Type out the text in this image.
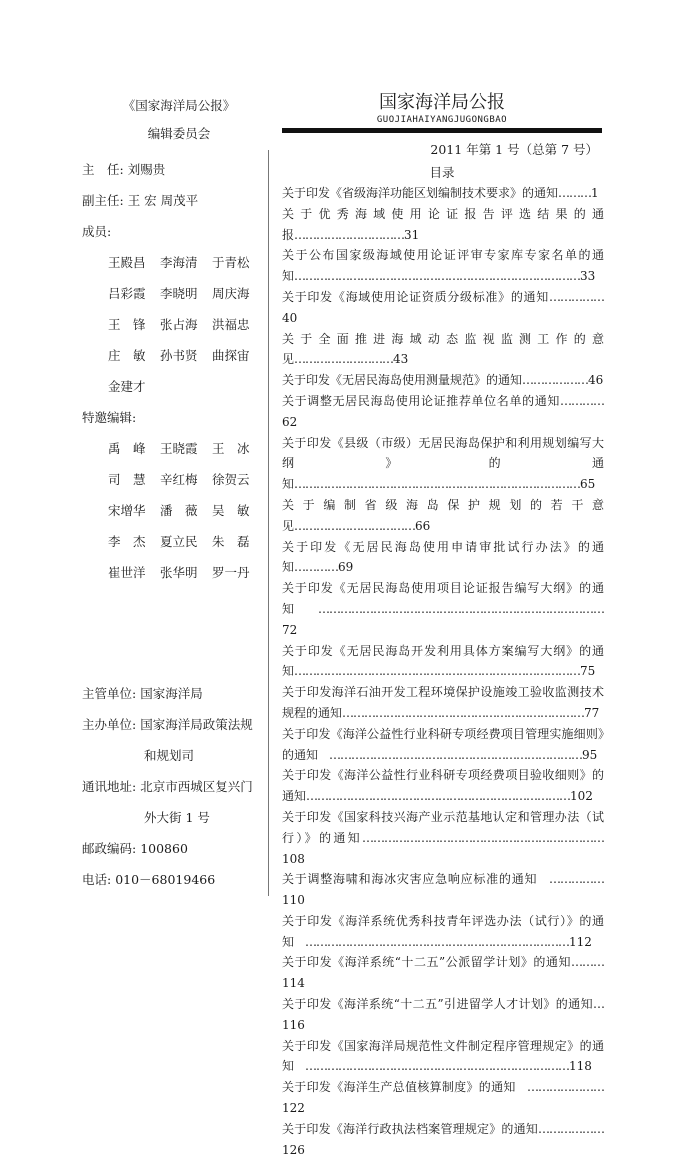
《国家海洋局公报》
编辑委员会
主　任: 刘赐贵
副主任: 王 宏 周茂平
成员:
王殿昌	李海清	于青松
吕彩霞	李晓明	周庆海
王　锋	张占海	洪福忠
庄　敏	孙书贤	曲探宙
金建才
特邀编辑:
禹　峰	王晓霞	王　冰
司　慧	辛红梅	徐贺云
宋增华	潘　薇	吴　敏
李　杰	夏立民	朱　磊
崔世洋	张华明	罗一丹
主管单位: 国家海洋局
主办单位: 国家海洋局政策法规
和规划司
通讯地址: 北京市西城区复兴门
外大街 1 号
邮政编码: 100860
电话: 010－68019466
国家海洋局公报
GUOJIAHAIYANGJUGONGBAO
2011 年第 1 号（总第 7 号）
目录
关于印发《省级海洋功能区划编制技术要求》的通知………1
关于优秀海域使用论证报告评选结果的通报…………………………31
关于公布国家级海域使用论证评审专家库专家名单的通知……………………………………………………………………33
关于印发《海域使用论证资质分级标准》的通知……………40
关于全面推进海域动态监视监测工作的意见………………………43
关于印发《无居民海岛使用测量规范》的通知………………46
关于调整无居民海岛使用论证推荐单位名单的通知…………62
关于印发《县级（市级）无居民海岛保护和利用规划编写大纲》的通知……………………………………………………………………65
关于编制省级海岛保护规划的若干意见……………………………66
关于印发《无居民海岛使用申请审批试行办法》的通知…………69
关于印发《无居民海岛使用项目论证报告编写大纲》的通知　……………………………………………………………………72
关于印发《无居民海岛开发利用具体方案编写大纲》的通知……………………………………………………………………75
关于印发海洋石油开发工程环境保护设施竣工验收监测技术规程的通知…………………………………………………………77
关于印发《海洋公益性行业科研专项经费项目管理实施细则》的通知　……………………………………………………………95
关于印发《海洋公益性行业科研专项经费项目验收细则》的通知………………………………………………………………102
关于印发《国家科技兴海产业示范基地认定和管理办法（试行）》的通知…………………………………………………………108
关于调整海啸和海冰灾害应急响应标准的通知　……………110
关于印发《海洋系统优秀科技青年评选办法（试行）》的通知　………………………………………………………………112
关于印发《海洋系统“十二五”公派留学计划》的通知………114
关于印发《海洋系统“十二五”引进留学人才计划》的通知…116
关于印发《国家海洋局规范性文件制定程序管理规定》的通知　………………………………………………………………118
关于印发《海洋生产总值核算制度》的通知　…………………122
关于印发《海洋行政执法档案管理规定》的通知………………126
